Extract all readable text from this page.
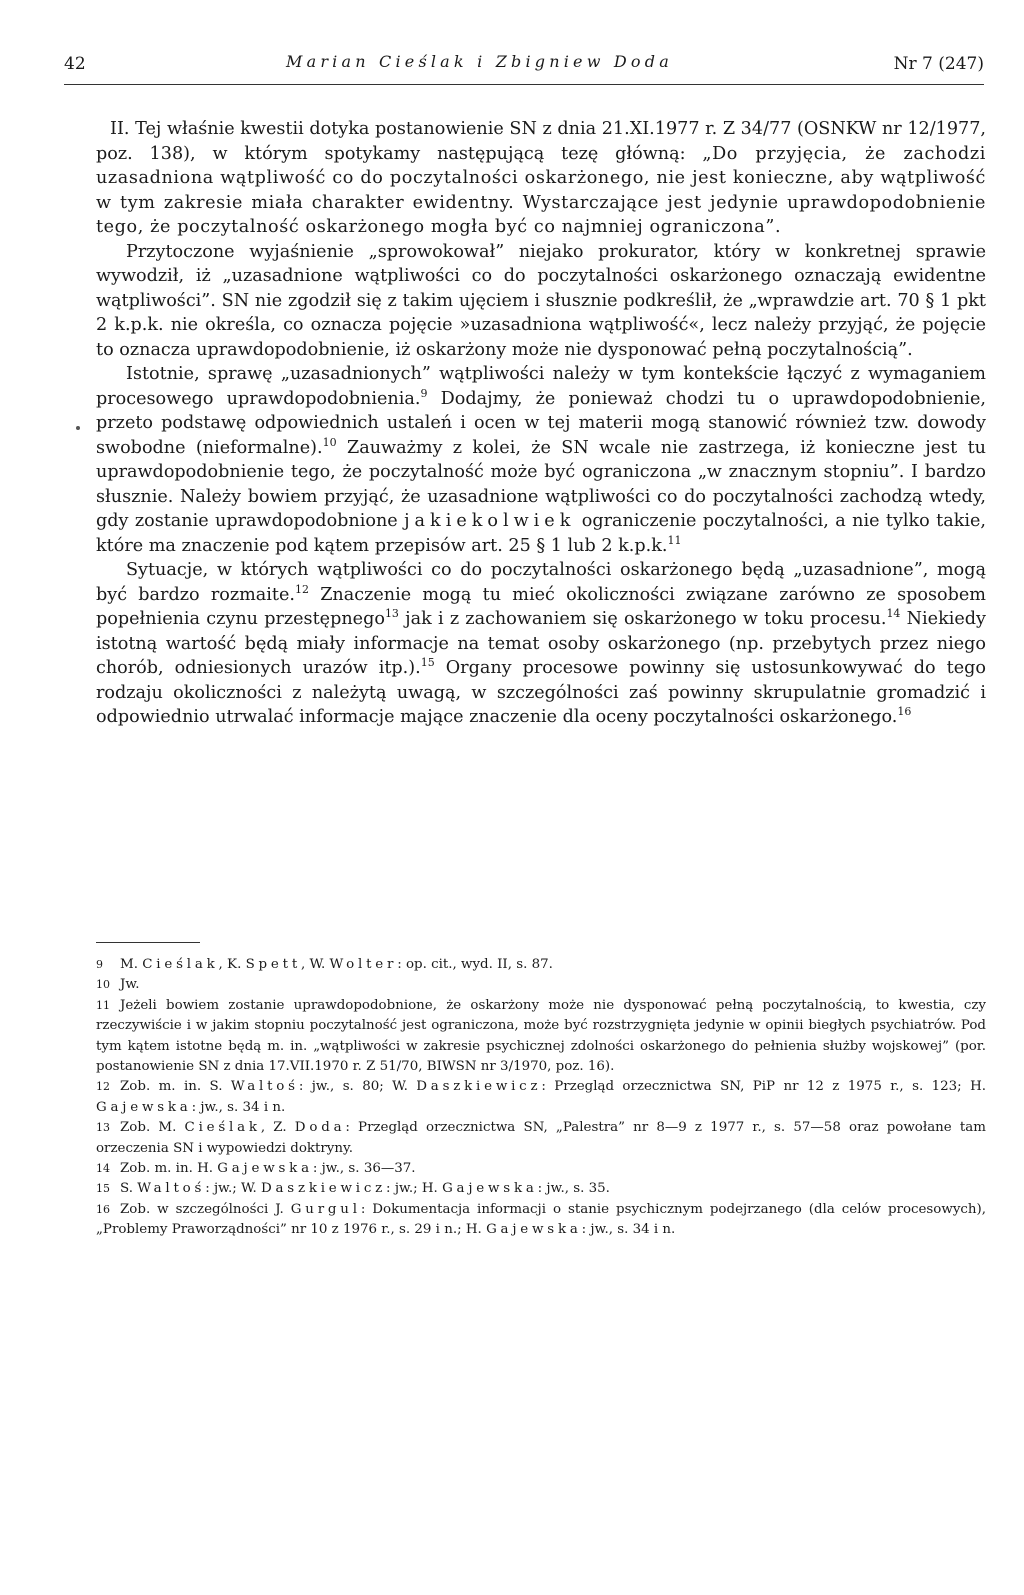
42	Marian Cieślak i Zbigniew Doda	Nr 7 (247)

II. Tej właśnie kwestii dotyka postanowienie SN z dnia 21.XI.1977 r. Z 34/77 (OSNKW nr 12/1977, poz. 138), w którym spotykamy następującą tezę główną: „Do przyjęcia, że zachodzi uzasadniona wątpliwość co do poczytalności oskarżonego, nie jest konieczne, aby wątpliwość w tym zakresie miała charakter ewidentny. Wystarczające jest jedynie uprawdopodobnienie tego, że poczytalność oskarżonego mogła być co najmniej ograniczona”.

Przytoczone wyjaśnienie „sprowokował” niejako prokurator, który w konkretnej sprawie wywodził, iż „uzasadnione wątpliwości co do poczytalności oskarżonego oznaczają ewidentne wątpliwości”. SN nie zgodził się z takim ujęciem i słusznie podkreślił, że „wprawdzie art. 70 § 1 pkt 2 k.p.k. nie określa, co oznacza pojęcie »uzasadniona wątpliwość«, lecz należy przyjąć, że pojęcie to oznacza uprawdopodobnienie, iż oskarżony może nie dysponować pełną poczytalnością”.

Istotnie, sprawę „uzasadnionych” wątpliwości należy w tym kontekście łączyć z wymaganiem procesowego uprawdopodobnienia.$^9$ Dodajmy, że ponieważ chodzi tu o uprawdopodobnienie, przeto podstawę odpowiednich ustaleń i ocen w tej materii mogą stanowić również tzw. dowody swobodne (nieformalne).$^{10}$ Zauważmy z kolei, że SN wcale nie zastrzega, iż konieczne jest tu uprawdopodobnienie tego, że poczytalność może być ograniczona „w znacznym stopniu”. I bardzo słusznie. Należy bowiem przyjąć, że uzasadnione wątpliwości co do poczytalności zachodzą wtedy, gdy zostanie uprawdopodobnione jakiekolwiek ograniczenie poczytalności, a nie tylko takie, które ma znaczenie pod kątem przepisów art. 25 § 1 lub 2 k.p.k.$^{11}$

Sytuacje, w których wątpliwości co do poczytalności oskarżonego będą „uzasadnione”, mogą być bardzo rozmaite.$^{12}$ Znaczenie mogą tu mieć okoliczności związane zarówno ze sposobem popełnienia czynu przestępnego$^{13}$ jak i z zachowaniem się oskarżonego w toku procesu.$^{14}$ Niekiedy istotną wartość będą miały informacje na temat osoby oskarżonego (np. przebytych przez niego chorób, odniesionych urazów itp.).$^{15}$ Organy procesowe powinny się ustosunkowywać do tego rodzaju okoliczności z należytą uwagą, w szczególności zaś powinny skrupulatnie gromadzić i odpowiednio utrwalać informacje mające znaczenie dla oceny poczytalności oskarżonego.$^{16}$

9 M. Cieślak, K. Spett, W. Wolter: op. cit., wyd. II, s. 87.

10 Jw.

11 Jeżeli bowiem zostanie uprawdopodobnione, że oskarżony może nie dysponować pełną poczytalnością, to kwestia, czy rzeczywiście i w jakim stopniu poczytalność jest ograniczona, może być rozstrzygnięta jedynie w opinii biegłych psychiatrów. Pod tym kątem istotne będą m. in. „wątpliwości w zakresie psychicznej zdolności oskarżonego do pełnienia służby wojskowej” (por. postanowienie SN z dnia 17.VII.1970 r. Z 51/70, BIWSN nr 3/1970, poz. 16).

12 Zob. m. in. S. Waltoś: jw., s. 80; W. Daszkiewicz: Przegląd orzecznictwa SN, PiP nr 12 z 1975 r., s. 123; H. Gajewska: jw., s. 34 i n.

13 Zob. M. Cieślak, Z. Doda: Przegląd orzecznictwa SN, „Palestra” nr 8—9 z 1977 r., s. 57—58 oraz powołane tam orzeczenia SN i wypowiedzi doktryny.

14 Zob. m. in. H. Gajewska: jw., s. 36—37.

15 S. Waltoś: jw.; W. Daszkiewicz: jw.; H. Gajewska: jw., s. 35.

16 Zob. w szczególności J. Gurgul: Dokumentacja informacji o stanie psychicznym podejrzanego (dla celów procesowych), „Problemy Praworządności” nr 10 z 1976 r., s. 29 i n.; H. Gajewska: jw., s. 34 i n.
